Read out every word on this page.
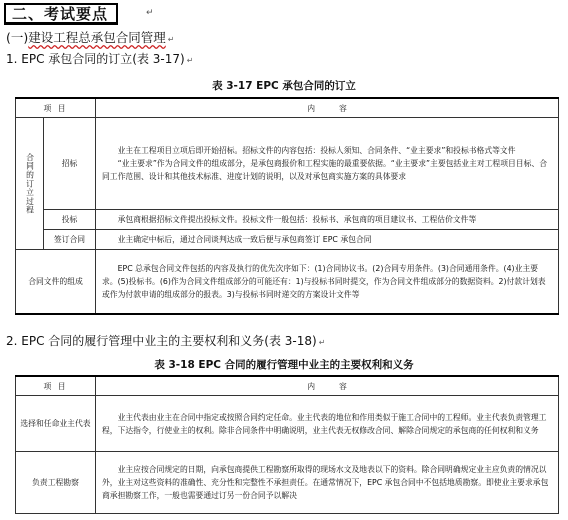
二、考试要点	↵
(一)建设工程总承包合同管理 ↵
1. EPC 承包合同的订立(表 3-17) ↵
表 3-17 EPC 承包合同的订立
项 目		内容

合同的订立过程	招标	业主在工程项目立项后即开始招标。招标文件的内容包括：投标人须知、合同条件、“业主要求”和投标书格式等文件
“业主要求”作为合同文件的组成部分，是承包商报价和工程实施的最重要依据。“业主要求”主要包括业主对工程项目目标、合同工作范围、设计和其他技术标准、进度计划的说明，以及对承包商实施方案的具体要求

	投标	承包商根据招标文件提出投标文件。投标文件一般包括：投标书、承包商的项目建议书、工程估价文件等
	签订合同	业主确定中标后，通过合同谈判达成一致后便与承包商签订 EPC 承包合同
合同文件的组成		EPC 总承包合同文件包括的内容及执行的优先次序如下：(1)合同协议书。(2)合同专用条件。(3)合同通用条件。(4)业主要求。(5)投标书。(6)作为合同文件组成部分的可能还有：1)与投标书同时提交，作为合同文件组成部分的数据资料。2)付款计划表或作为付款申请的组成部分的报表。3)与投标书同时递交的方案设计文件等
2. EPC 合同的履行管理中业主的主要权利和义务(表 3-18) ↵
表 3-18 EPC 合同的履行管理中业主的主要权利和义务
项 目	内容
选择和任命业主代表	业主代表由业主在合同中指定或按照合同约定任命。业主代表的地位和作用类似于施工合同中的工程师。业主代表负责管理工程，下达指令，行使业主的权利。除非合同条件中明确说明，业主代表无权修改合同、解除合同规定的承包商的任何权利和义务
负责工程勘察	业主应按合同规定的日期，向承包商提供工程勘察所取得的现场水文及地表以下的资料。除合同明确规定业主应负责的情况以外，业主对这些资料的准确性、充分性和完整性不承担责任。在通常情况下，EPC 承包合同中不包括地质勘察。即使业主要求承包商承担勘察工作，一般也需要通过订另一份合同予以解决
